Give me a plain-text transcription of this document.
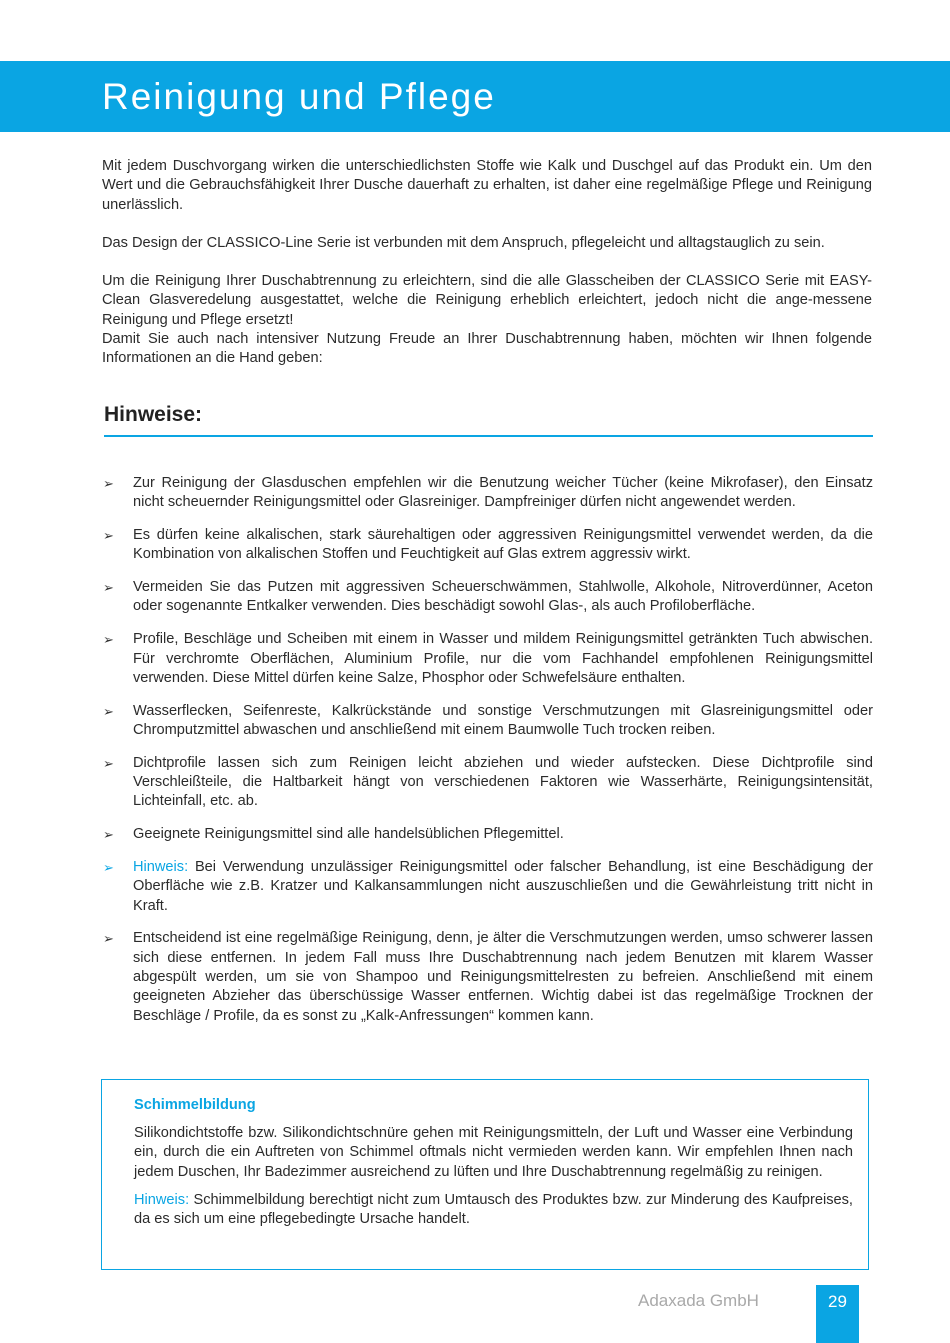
Reinigung und Pflege

Mit jedem Duschvorgang wirken die unterschiedlichsten Stoffe wie Kalk und Duschgel auf das Produkt ein. Um den Wert und die Gebrauchsfähigkeit Ihrer Dusche dauerhaft zu erhalten, ist daher eine regelmäßige Pflege und Reinigung unerlässlich.

Das Design der CLASSICO-Line Serie ist verbunden mit dem Anspruch, pflegeleicht und alltagstauglich zu sein.

Um die Reinigung Ihrer Duschabtrennung zu erleichtern, sind die alle Glasscheiben der CLASSICO Serie mit EASY-Clean Glasveredelung ausgestattet, welche die Reinigung erheblich erleichtert, jedoch nicht die ange-messene Reinigung und Pflege ersetzt!

Damit Sie auch nach intensiver Nutzung Freude an Ihrer Duschabtrennung haben, möchten wir Ihnen folgende Informationen an die Hand geben:

Hinweise:
➢ Zur Reinigung der Glasduschen empfehlen wir die Benutzung weicher Tücher (keine Mikrofaser), den Einsatz nicht scheuernder Reinigungsmittel oder Glasreiniger. Dampfreiniger dürfen nicht angewendet werden.
➢ Es dürfen keine alkalischen, stark säurehaltigen oder aggressiven Reinigungsmittel verwendet werden, da die Kombination von alkalischen Stoffen und Feuchtigkeit auf Glas extrem aggressiv wirkt.
➢ Vermeiden Sie das Putzen mit aggressiven Scheuerschwämmen, Stahlwolle, Alkohole, Nitroverdünner, Aceton oder sogenannte Entkalker verwenden. Dies beschädigt sowohl Glas-, als auch Profiloberfläche.
➢ Profile, Beschläge und Scheiben mit einem in Wasser und mildem Reinigungsmittel getränkten Tuch abwischen. Für verchromte Oberflächen, Aluminium Profile, nur die vom Fachhandel empfohlenen Reinigungsmittel verwenden. Diese Mittel dürfen keine Salze, Phosphor oder Schwefelsäure enthalten.
➢ Wasserflecken, Seifenreste, Kalkrückstände und sonstige Verschmutzungen mit Glasreinigungsmittel oder Chromputzmittel abwaschen und anschließend mit einem Baumwolle Tuch trocken reiben.
➢ Dichtprofile lassen sich zum Reinigen leicht abziehen und wieder aufstecken. Diese Dichtprofile sind Verschleißteile, die Haltbarkeit hängt von verschiedenen Faktoren wie Wasserhärte, Reinigungsintensität, Lichteinfall, etc. ab.
➢ Geeignete Reinigungsmittel sind alle handelsüblichen Pflegemittel.
➢ Hinweis: Bei Verwendung unzulässiger Reinigungsmittel oder falscher Behandlung, ist eine Beschädigung der Oberfläche wie z.B. Kratzer und Kalkansammlungen nicht auszuschließen und die Gewährleistung tritt nicht in Kraft.
➢ Entscheidend ist eine regelmäßige Reinigung, denn, je älter die Verschmutzungen werden, umso schwerer lassen sich diese entfernen. In jedem Fall muss Ihre Duschabtrennung nach jedem Benutzen mit klarem Wasser abgespült werden, um sie von Shampoo und Reinigungsmittelresten zu befreien. Anschließend mit einem geeigneten Abzieher das überschüssige Wasser entfernen. Wichtig dabei ist das regelmäßige Trocknen der Beschläge / Profile, da es sonst zu „Kalk-Anfressungen“ kommen kann.
Schimmelbildung

Silikondichtstoffe bzw. Silikondichtschnüre gehen mit Reinigungsmitteln, der Luft und Wasser eine Verbindung ein, durch die ein Auftreten von Schimmel oftmals nicht vermieden werden kann. Wir empfehlen Ihnen nach jedem Duschen, Ihr Badezimmer ausreichend zu lüften und Ihre Duschabtrennung regelmäßig zu reinigen.

Hinweis: Schimmelbildung berechtigt nicht zum Umtausch des Produktes bzw. zur Minderung des Kaufpreises, da es sich um eine pflegebedingte Ursache handelt.

Adaxada GmbH	29
